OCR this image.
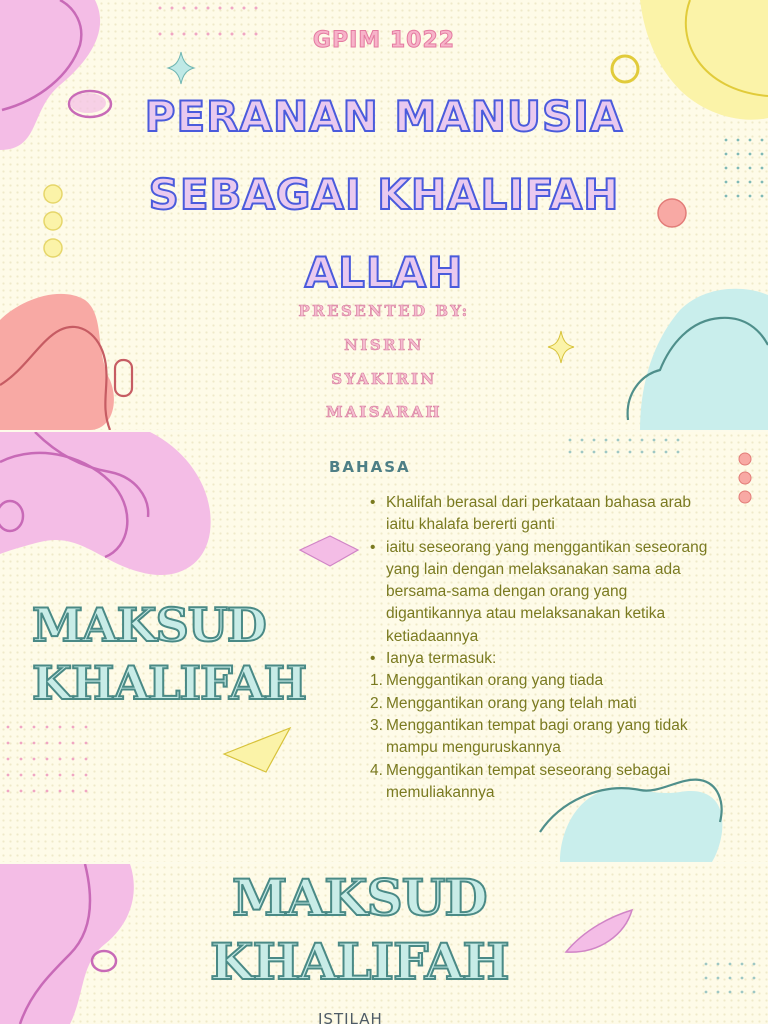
GPIM 1022
PERANAN MANUSIA
SEBAGAI KHALIFAH
ALLAH
PRESENTED BY:
NISRIN
SYAKIRIN
MAISARAH
BAHASA
MAKSUD
KHALIFAH
• Khalifah berasal dari perkataan bahasa arab iaitu khalafa bererti ganti
• iaitu seseorang yang menggantikan seseorang yang lain dengan melaksanakan sama ada bersama-sama dengan orang yang digantikannya atau melaksanakan ketika ketiadaannya
• Ianya termasuk:
1. Menggantikan orang yang tiada
2. Menggantikan orang yang telah mati
3. Menggantikan tempat bagi orang yang tidak mampu menguruskannya
4. Menggantikan tempat seseorang sebagai memuliakannya
MAKSUD
KHALIFAH
ISTILAH
